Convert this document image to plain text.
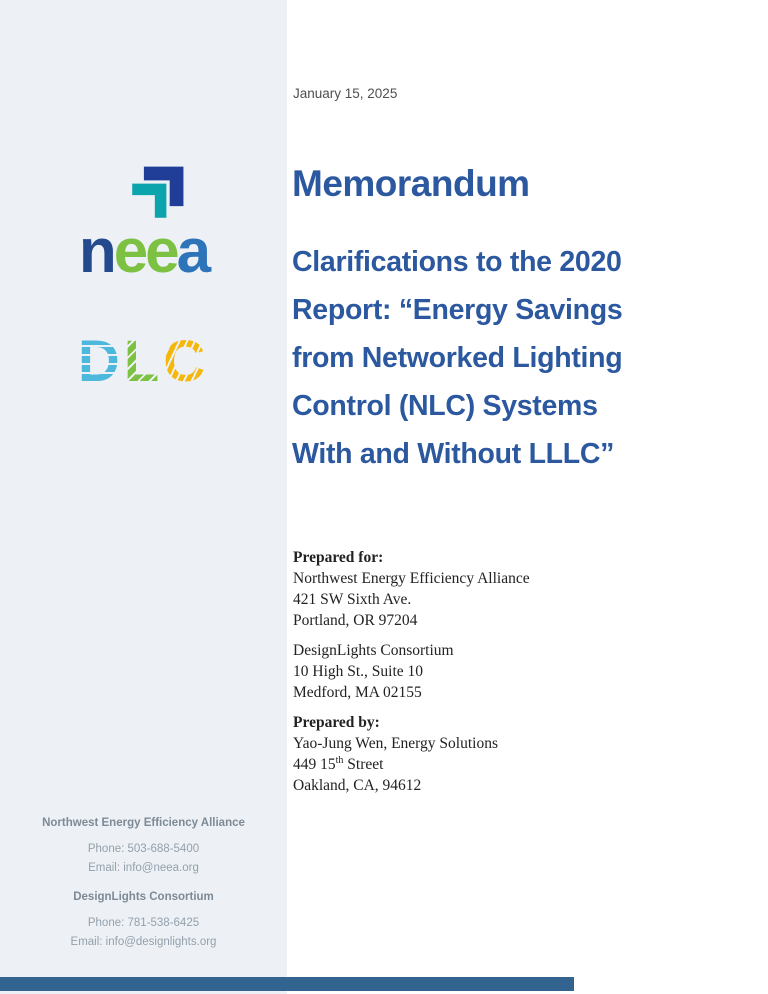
neea
DLC
Northwest Energy Efficiency Alliance
Phone: 503-688-5400
Email: info@neea.org
DesignLights Consortium
Phone: 781-538-6425
Email: info@designlights.org
January 15, 2025
Memorandum
Clarifications to the 2020
Report: “Energy Savings
from Networked Lighting
Control (NLC) Systems
With and Without LLLC”
Prepared for:
Northwest Energy Efficiency Alliance
421 SW Sixth Ave.
Portland, OR 97204
DesignLights Consortium
10 High St., Suite 10
Medford, MA 02155
Prepared by:
Yao-Jung Wen, Energy Solutions
449 15th Street
Oakland, CA, 94612
